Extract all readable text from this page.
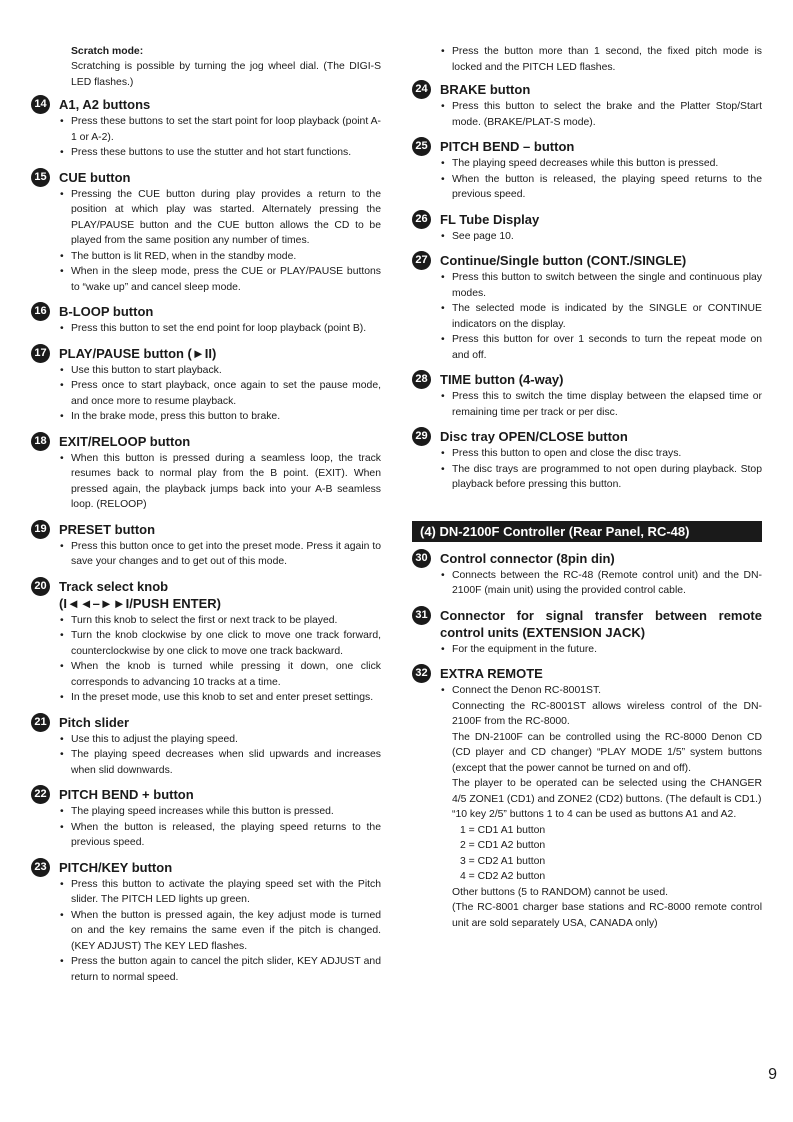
Scratch mode:
Scratching is possible by turning the jog wheel dial. (The DIGI-S LED flashes.)
14 A1, A2 buttons
• Press these buttons to set the start point for loop playback (point A-1 or A-2).
• Press these buttons to use the stutter and hot start functions.
15 CUE button
• Pressing the CUE button during play provides a return to the position at which play was started. Alternately pressing the PLAY/PAUSE button and the CUE button allows the CD to be played from the same position any number of times.
• The button is lit RED, when in the standby mode.
• When in the sleep mode, press the CUE or PLAY/PAUSE buttons to “wake up” and cancel sleep mode.
16 B-LOOP button
• Press this button to set the end point for loop playback (point B).
17 PLAY/PAUSE button (►II)
• Use this button to start playback.
• Press once to start playback, once again to set the pause mode, and once more to resume playback.
• In the brake mode, press this button to brake.
18 EXIT/RELOOP button
• When this button is pressed during a seamless loop, the track resumes back to normal play from the B point. (EXIT). When pressed again, the playback jumps back into your A-B seamless loop. (RELOOP)
19 PRESET button
• Press this button once to get into the preset mode. Press it again to save your changes and to get out of this mode.
20 Track select knob
(I◄◄–►►I/PUSH ENTER)
• Turn this knob to select the first or next track to be played.
• Turn the knob clockwise by one click to move one track forward, counterclockwise by one click to move one track backward.
• When the knob is turned while pressing it down, one click corresponds to advancing 10 tracks at a time.
• In the preset mode, use this knob to set and enter preset settings.
21 Pitch slider
• Use this to adjust the playing speed.
• The playing speed decreases when slid upwards and increases when slid downwards.
22 PITCH BEND + button
• The playing speed increases while this button is pressed.
• When the button is released, the playing speed returns to the previous speed.
23 PITCH/KEY button
• Press this button to activate the playing speed set with the Pitch slider. The PITCH LED lights up green.
• When the button is pressed again, the key adjust mode is turned on and the key remains the same even if the pitch is changed. (KEY ADJUST) The KEY LED flashes.
• Press the button again to cancel the pitch slider, KEY ADJUST and return to normal speed.
• Press the button more than 1 second, the fixed pitch mode is locked and the PITCH LED flashes.
24 BRAKE button
• Press this button to select the brake and the Platter Stop/Start mode. (BRAKE/PLAT-S mode).
25 PITCH BEND – button
• The playing speed decreases while this button is pressed.
• When the button is released, the playing speed returns to the previous speed.
26 FL Tube Display
• See page 10.
27 Continue/Single button (CONT./SINGLE)
• Press this button to switch between the single and continuous play modes.
• The selected mode is indicated by the SINGLE or CONTINUE indicators on the display.
• Press this button for over 1 seconds to turn the repeat mode on and off.
28 TIME button (4-way)
• Press this to switch the time display between the elapsed time or remaining time per track or per disc.
29 Disc tray OPEN/CLOSE button
• Press this button to open and close the disc trays.
• The disc trays are programmed to not open during playback. Stop playback before pressing this button.
(4) DN-2100F Controller (Rear Panel, RC-48)
30 Control connector (8pin din)
• Connects between the RC-48 (Remote control unit) and the DN-2100F (main unit) using the provided control cable.
31 Connector for signal transfer between remote control units (EXTENSION JACK)
• For the equipment in the future.
32 EXTRA REMOTE
• Connect the Denon RC-8001ST.
Connecting the RC-8001ST allows wireless control of the DN-2100F from the RC-8000.
The DN-2100F can be controlled using the RC-8000 Denon CD (CD player and CD changer) “PLAY MODE 1/5” system buttons (except that the power cannot be turned on and off).
The player to be operated can be selected using the CHANGER 4/5 ZONE1 (CD1) and ZONE2 (CD2) buttons. (The default is CD1.)
“10 key 2/5” buttons 1 to 4 can be used as buttons A1 and A2.
1 = CD1 A1 button
2 = CD1 A2 button
3 = CD2 A1 button
4 = CD2 A2 button
Other buttons (5 to RANDOM) cannot be used.
(The RC-8001 charger base stations and RC-8000 remote control unit are sold separately USA, CANADA only)
9
